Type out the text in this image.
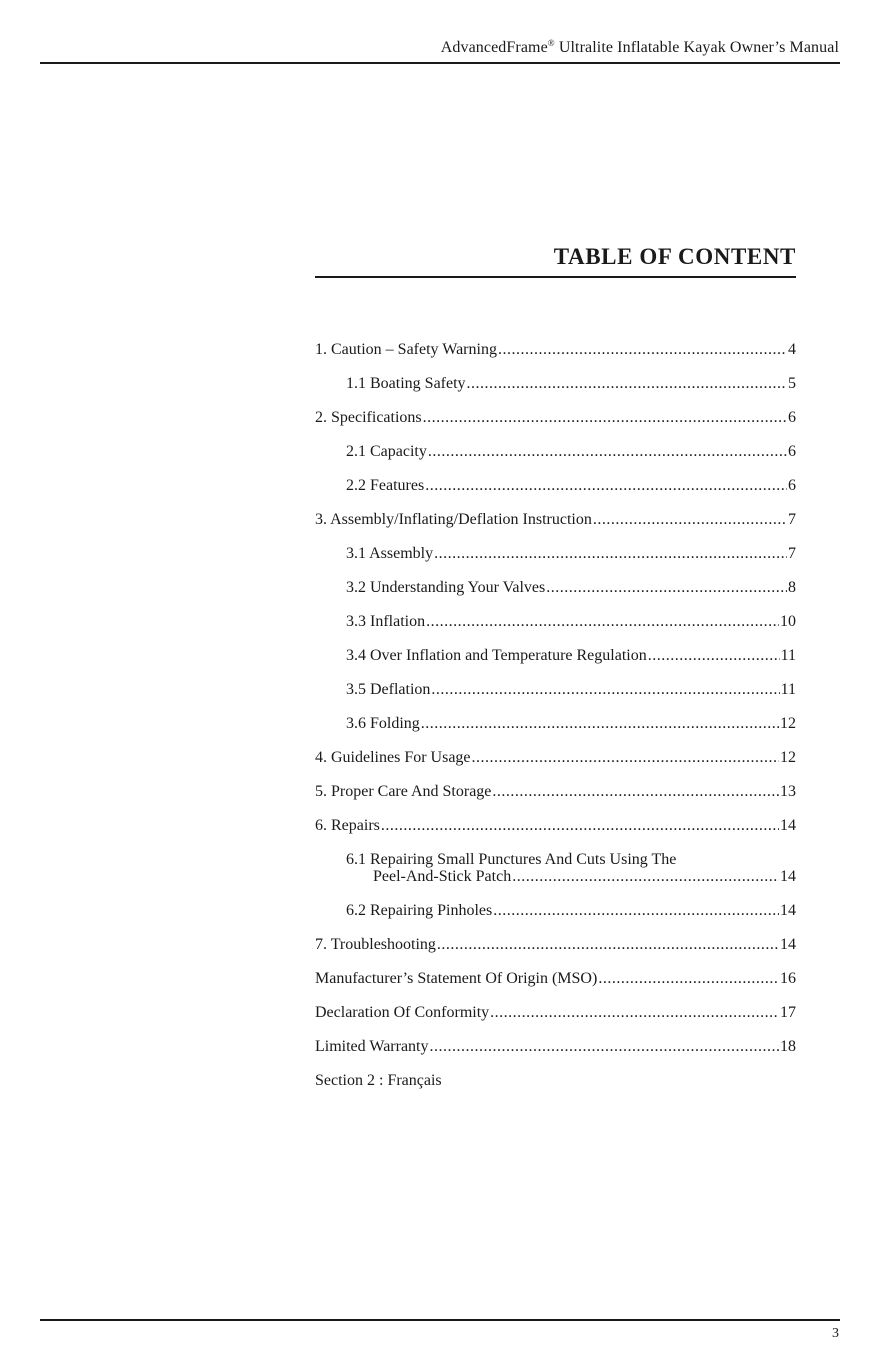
AdvancedFrame® Ultralite Inflatable Kayak Owner’s Manual
TABLE OF CONTENT
1. Caution – Safety Warning .....	4
1.1 Boating Safety .....	5
2. Specifications .....	6
2.1 Capacity .....	6
2.2 Features .....	6
3. Assembly/Inflating/Deflation Instruction .....	7
3.1 Assembly .....	7
3.2 Understanding Your Valves .....	8
3.3 Inflation .....	10
3.4 Over Inflation and Temperature Regulation .....	11
3.5 Deflation .....	11
3.6 Folding .....	12
4. Guidelines For Usage .....	12
5. Proper Care And Storage .....	13
6. Repairs .....	14
6.1 Repairing Small Punctures And Cuts Using The
Peel-And-Stick Patch .....	14
6.2 Repairing Pinholes .....	14
7. Troubleshooting .....	14
Manufacturer’s Statement Of Origin (MSO) .....	16
Declaration Of Conformity .....	17
Limited Warranty .....	18
Section 2 : Français
3
